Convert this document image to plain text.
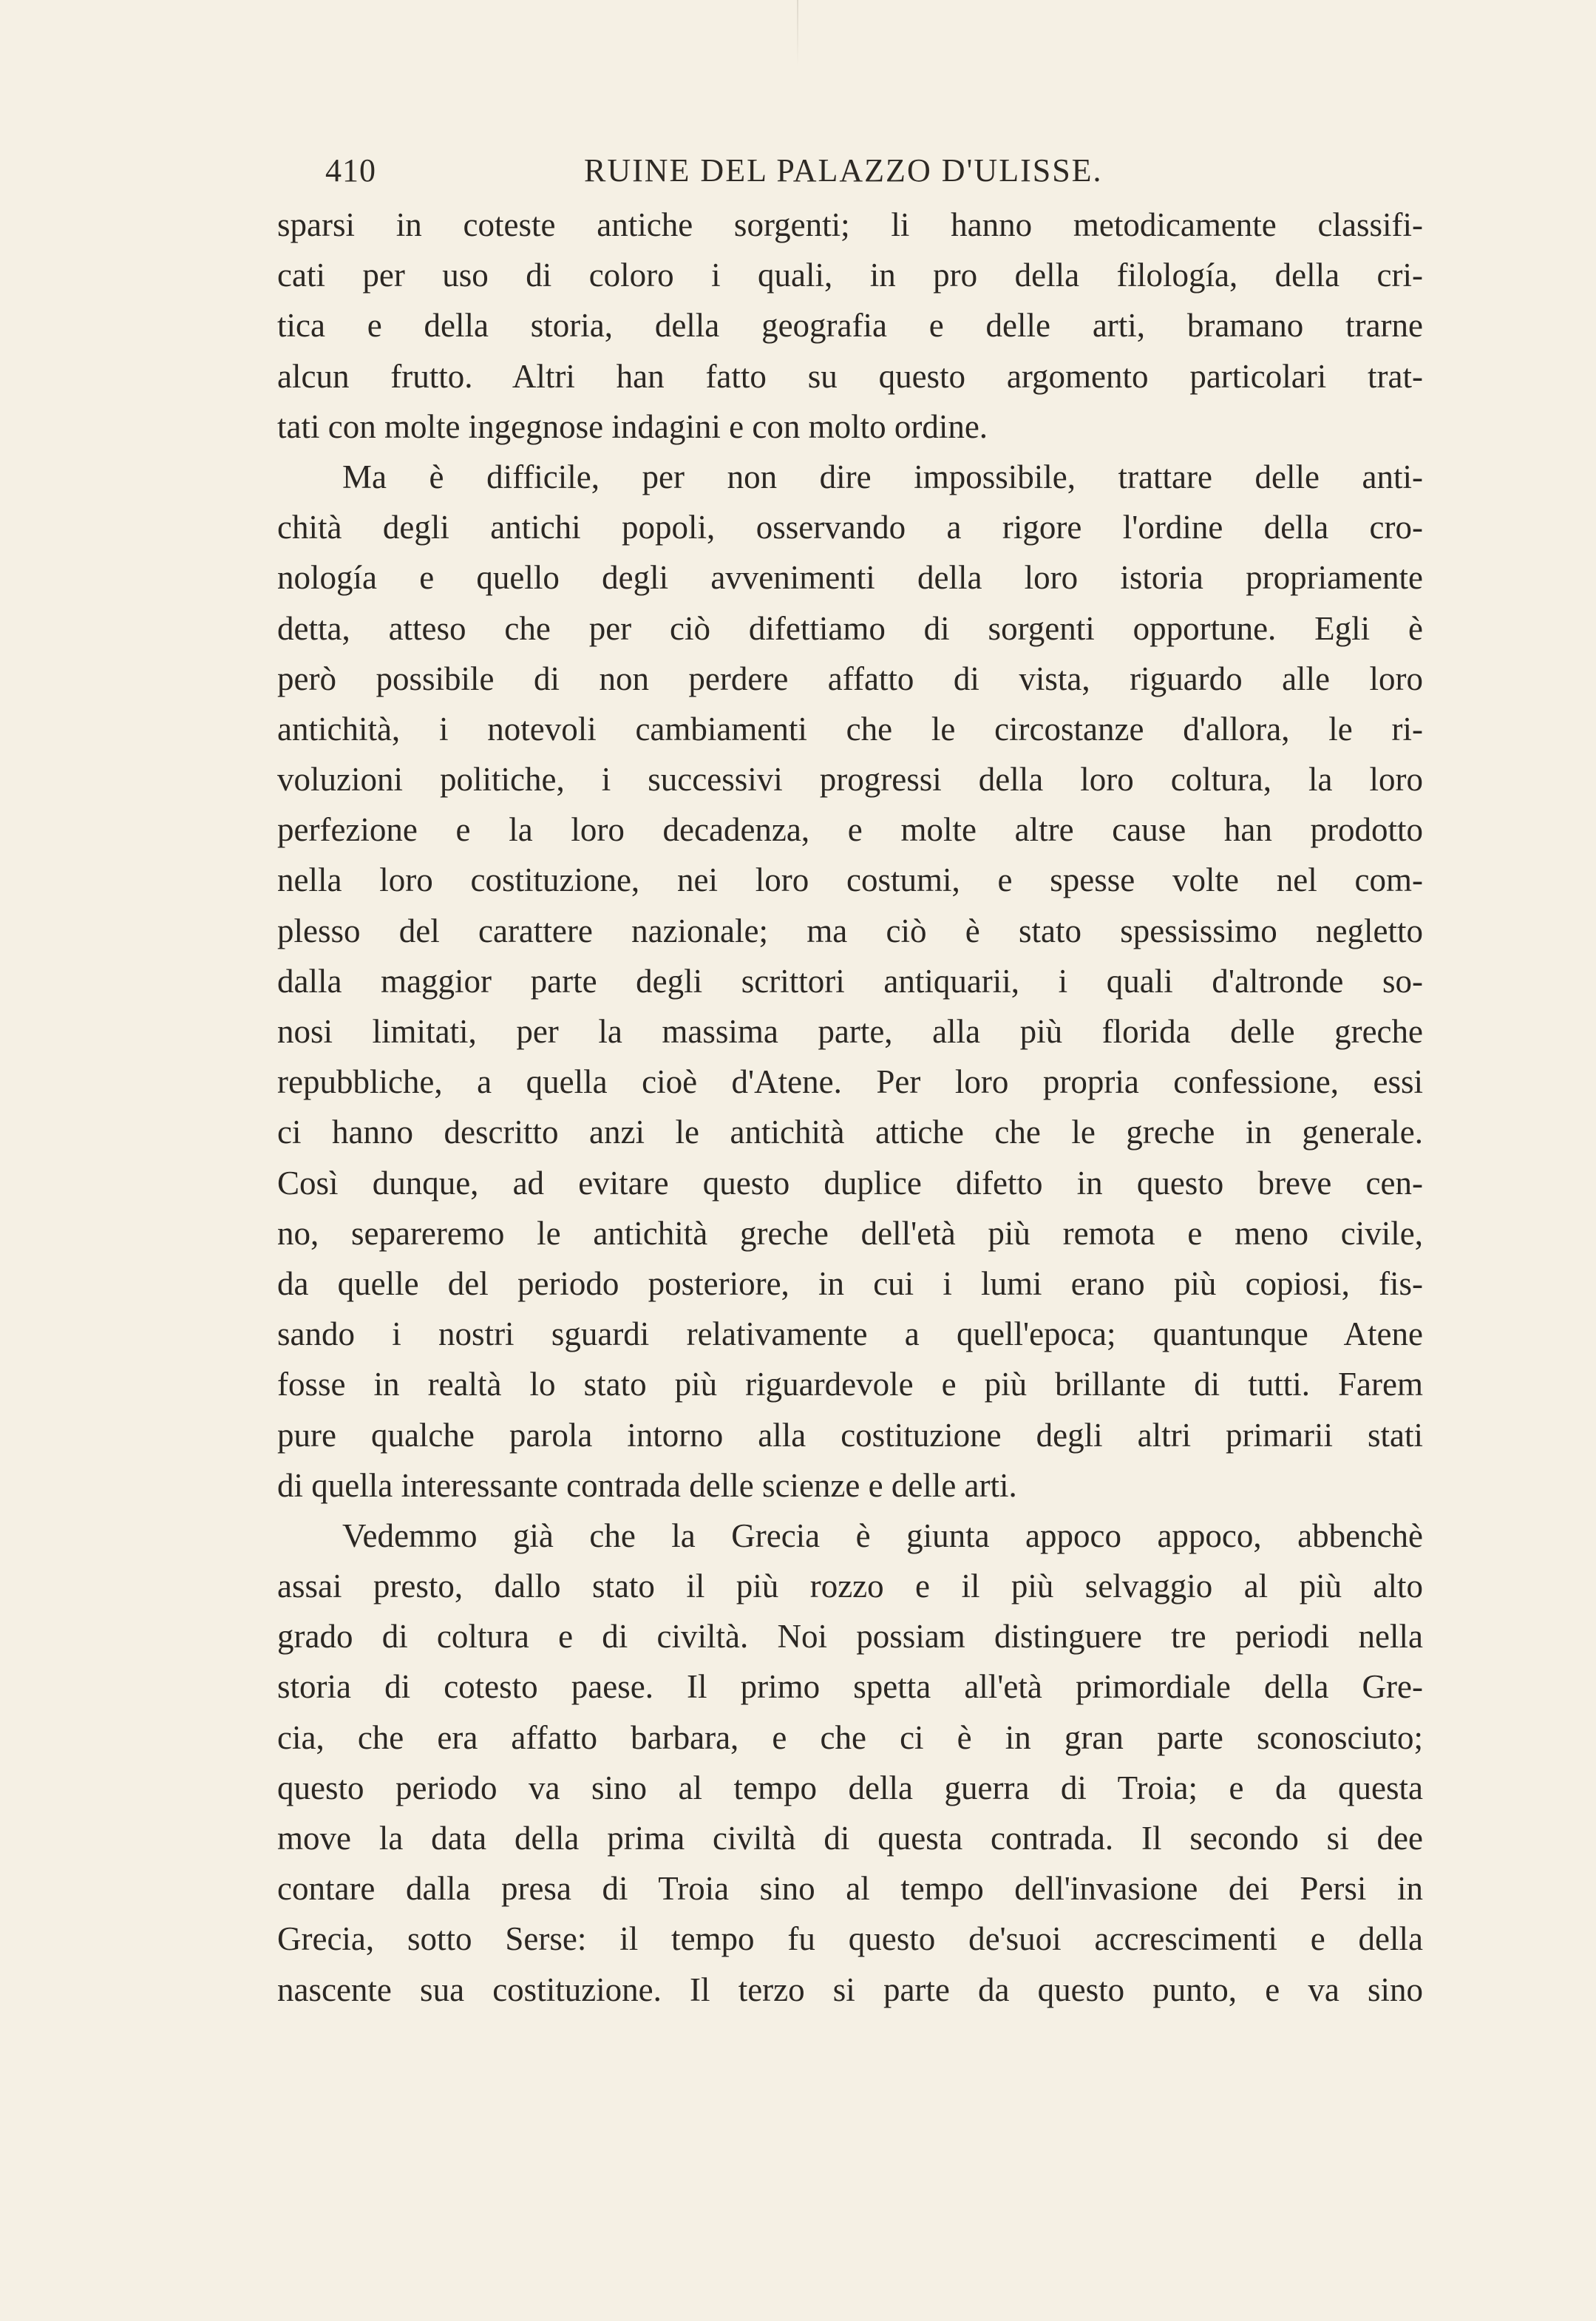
410	RUINE DEL PALAZZO D'ULISSE.
sparsi in coteste antiche sorgenti; li hanno metodicamente classifi-
cati per uso di coloro i quali, in pro della filología, della cri-
tica e della storia, della geografia e delle arti, bramano trarne
alcun frutto. Altri han fatto su questo argomento particolari trat-
tati con molte ingegnose indagini e con molto ordine.
Ma è difficile, per non dire impossibile, trattare delle anti-
chità degli antichi popoli, osservando a rigore l'ordine della cro-
nología e quello degli avvenimenti della loro istoria propriamente
detta, atteso che per ciò difettiamo di sorgenti opportune. Egli è
però possibile di non perdere affatto di vista, riguardo alle loro
antichità, i notevoli cambiamenti che le circostanze d'allora, le ri-
voluzioni politiche, i successivi progressi della loro coltura, la loro
perfezione e la loro decadenza, e molte altre cause han prodotto
nella loro costituzione, nei loro costumi, e spesse volte nel com-
plesso del carattere nazionale; ma ciò è stato spessissimo negletto
dalla maggior parte degli scrittori antiquarii, i quali d'altronde so-
nosi limitati, per la massima parte, alla più florida delle greche
repubbliche, a quella cioè d'Atene. Per loro propria confessione, essi
ci hanno descritto anzi le antichità attiche che le greche in generale.
Così dunque, ad evitare questo duplice difetto in questo breve cen-
no, separeremo le antichità greche dell'età più remota e meno civile,
da quelle del periodo posteriore, in cui i lumi erano più copiosi, fis-
sando i nostri sguardi relativamente a quell'epoca; quantunque Atene
fosse in realtà lo stato più riguardevole e più brillante di tutti. Farem
pure qualche parola intorno alla costituzione degli altri primarii stati
di quella interessante contrada delle scienze e delle arti.
Vedemmo già che la Grecia è giunta appoco appoco, abbenchè
assai presto, dallo stato il più rozzo e il più selvaggio al più alto
grado di coltura e di civiltà. Noi possiam distinguere tre periodi nella
storia di cotesto paese. Il primo spetta all'età primordiale della Gre-
cia, che era affatto barbara, e che ci è in gran parte sconosciuto;
questo periodo va sino al tempo della guerra di Troia; e da questa
move la data della prima civiltà di questa contrada. Il secondo si dee
contare dalla presa di Troia sino al tempo dell'invasione dei Persi in
Grecia, sotto Serse: il tempo fu questo de'suoi accrescimenti e della
nascente sua costituzione. Il terzo si parte da questo punto, e va sino
